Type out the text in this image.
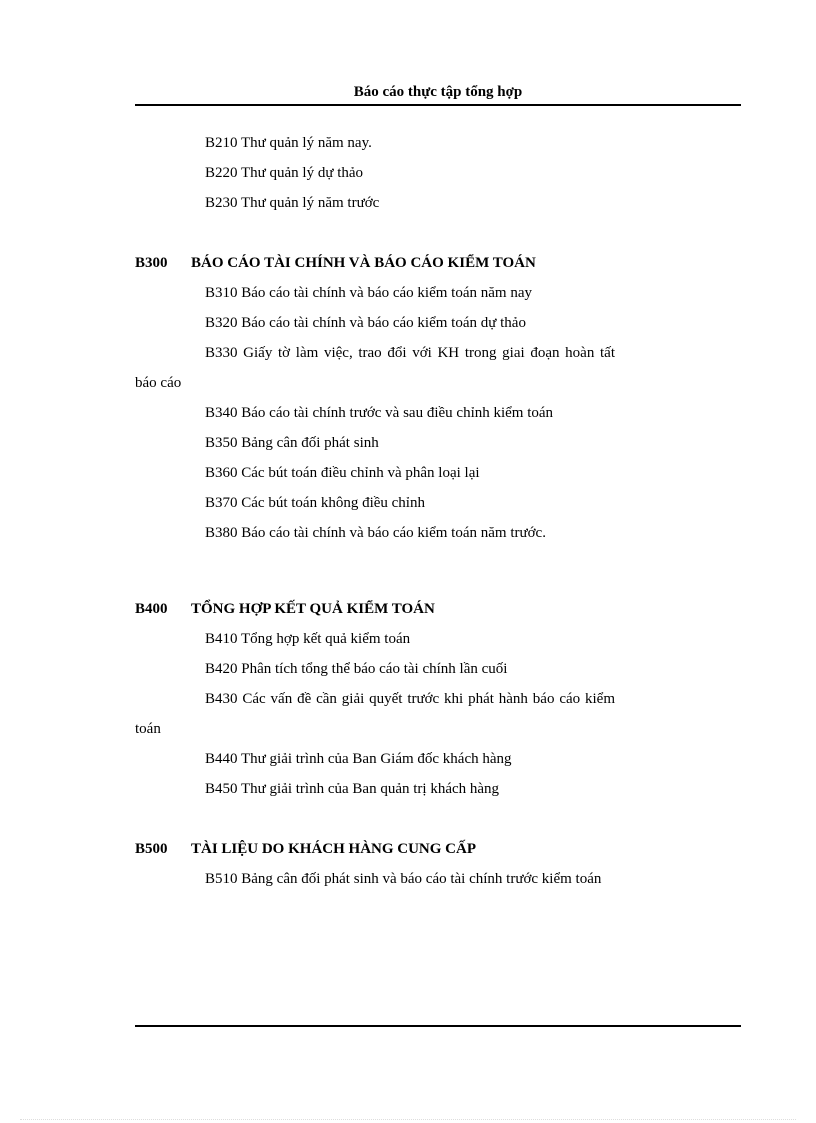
Báo cáo thực tập tổng hợp
B210 Thư quản lý năm nay.
B220 Thư quản lý dự thảo
B230 Thư quản lý năm trước
B300 BÁO CÁO TÀI CHÍNH VÀ BÁO CÁO KIỂM TOÁN
B310 Báo cáo tài chính và báo cáo kiểm toán năm nay
B320 Báo cáo tài chính và báo cáo kiểm toán dự thảo
B330 Giấy tờ làm việc, trao đổi với KH trong giai đoạn hoàn tất báo cáo
B340 Báo cáo tài chính trước và sau điều chỉnh kiểm toán
B350 Bảng cân đối phát sinh
B360 Các bút toán điều chỉnh và phân loại lại
B370 Các bút toán không điều chỉnh
B380 Báo cáo tài chính và báo cáo kiểm toán năm trước.
B400 TỔNG HỢP KẾT QUẢ KIỂM TOÁN
B410 Tổng hợp kết quả kiểm toán
B420 Phân tích tổng thể báo cáo tài chính lần cuối
B430 Các vấn đề cần giải quyết trước khi phát hành báo cáo kiểm toán
B440 Thư giải trình của Ban Giám đốc khách hàng
B450 Thư giải trình của Ban quản trị khách hàng
B500 TÀI LIỆU DO KHÁCH HÀNG CUNG CẤP
B510 Bảng cân đối phát sinh và báo cáo tài chính trước kiểm toán
